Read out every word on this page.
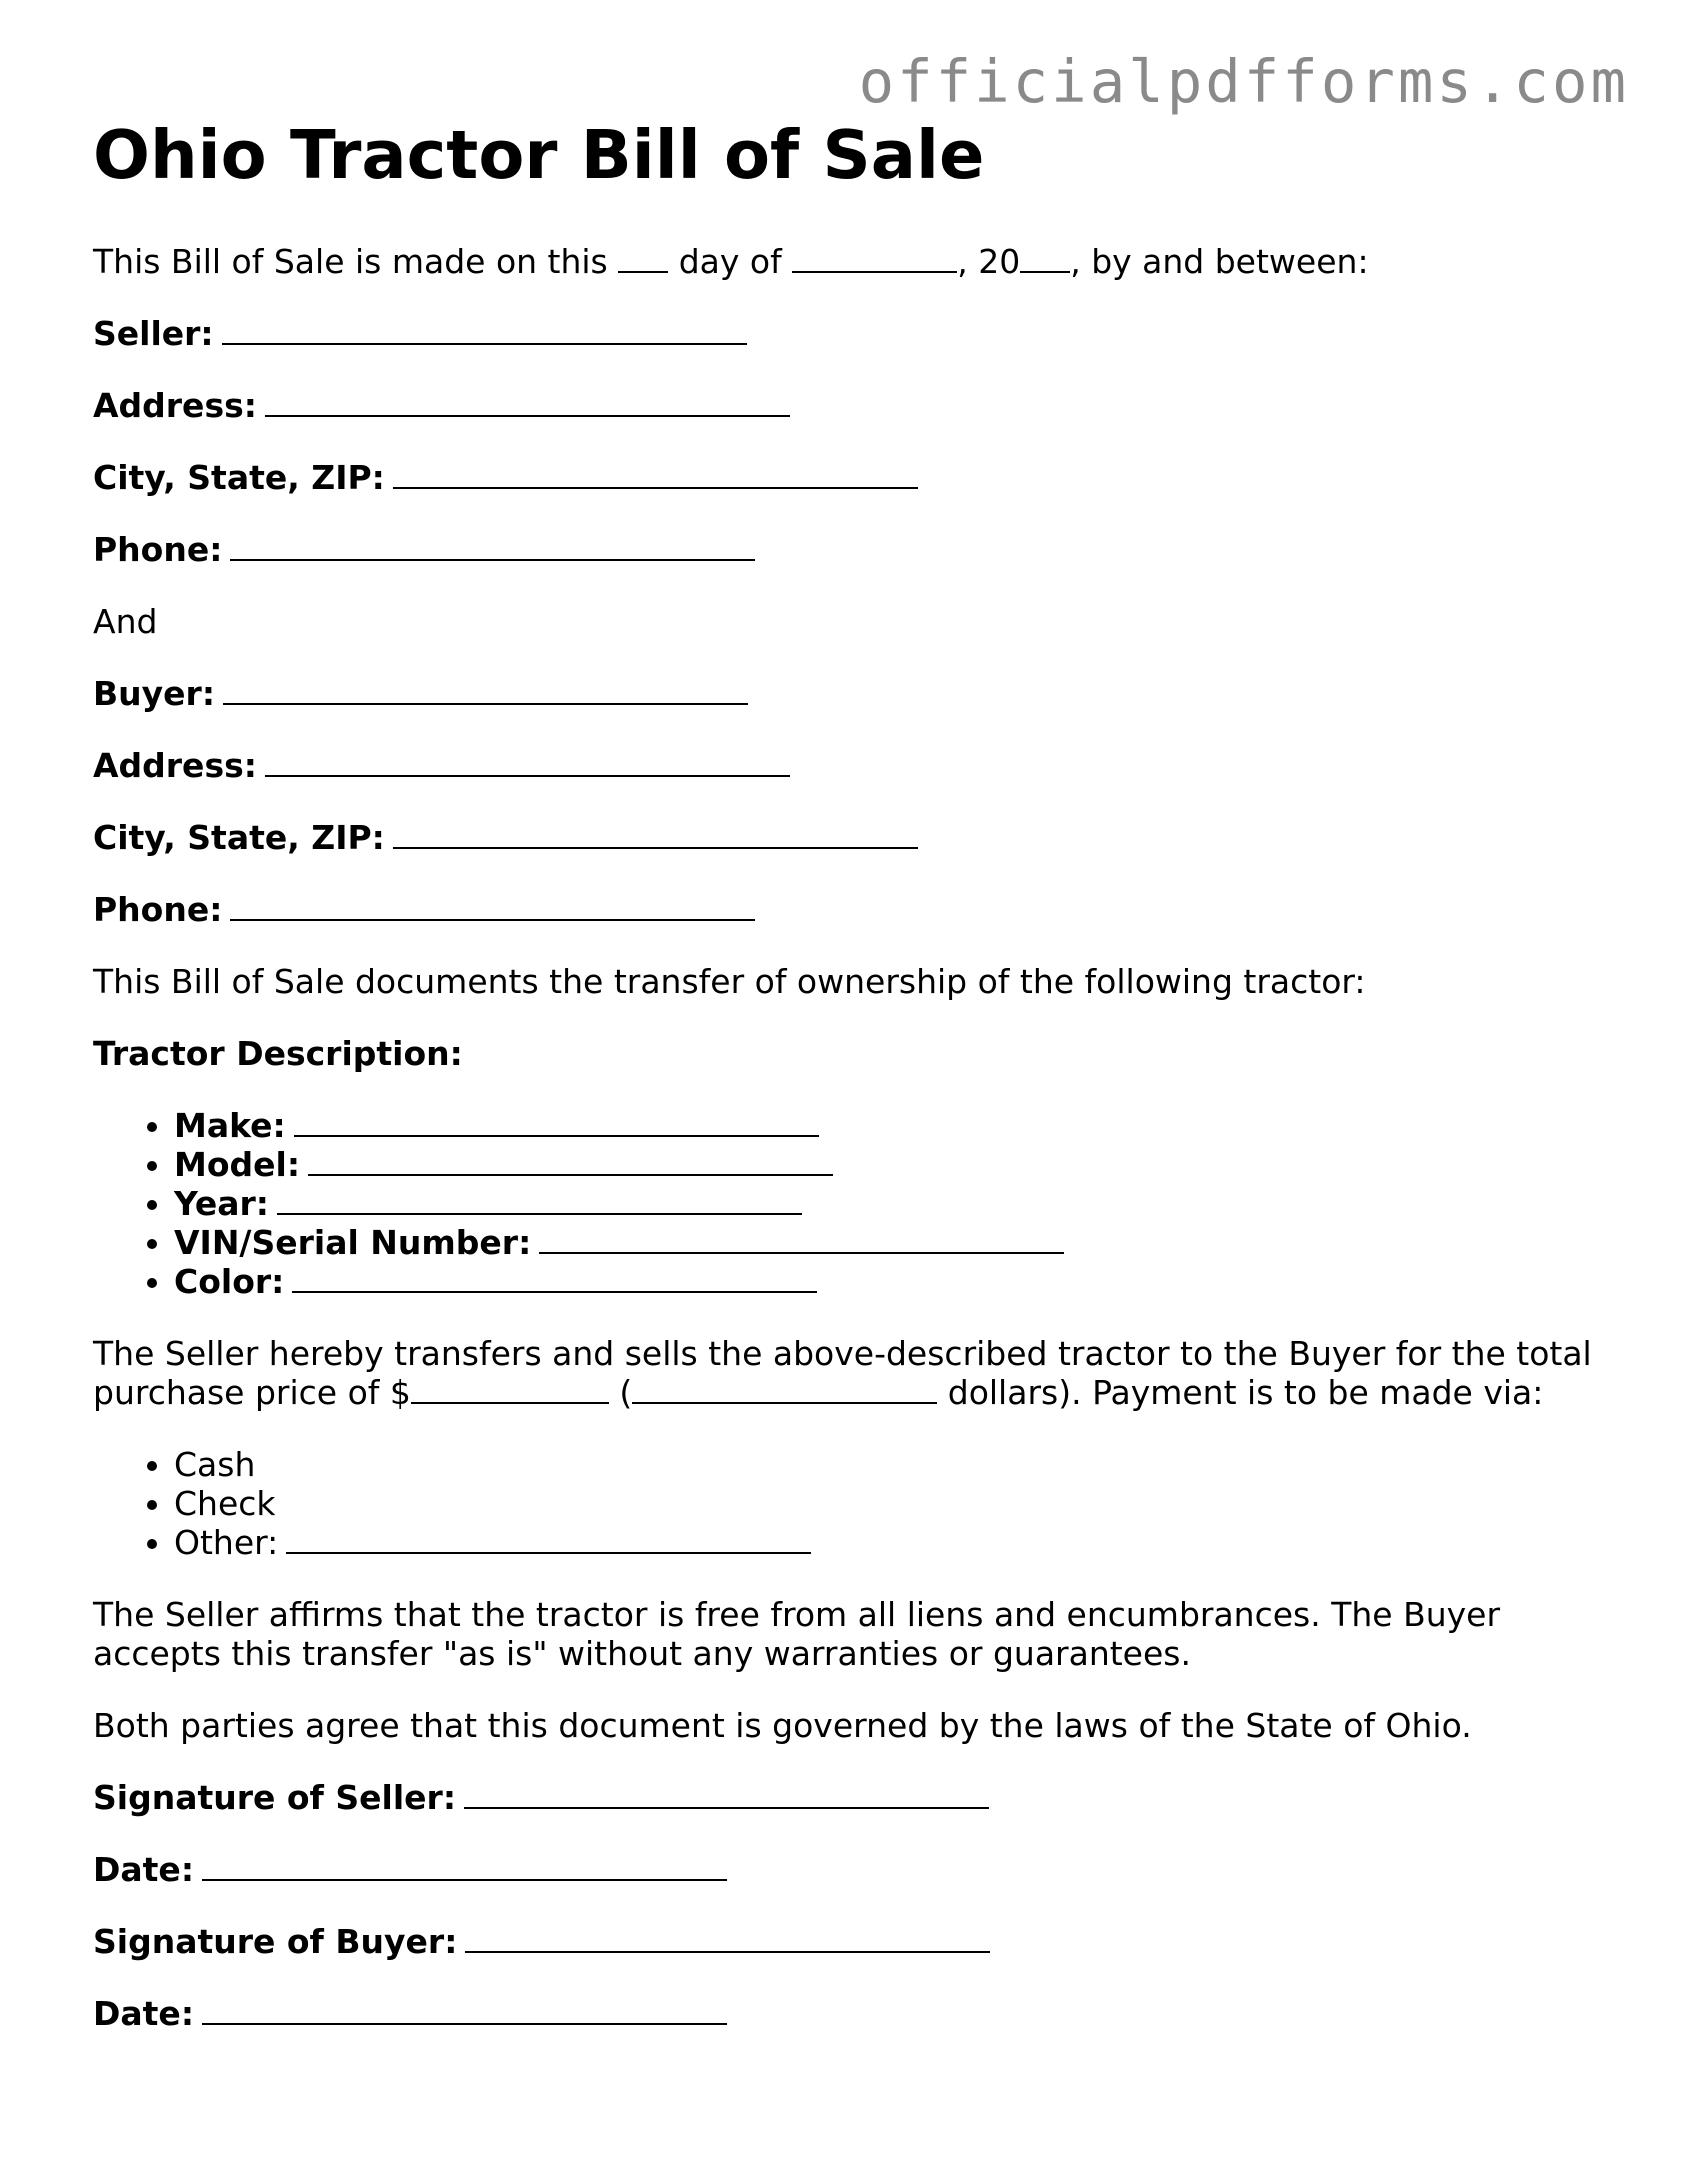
officialpdfforms.com
Ohio Tractor Bill of Sale
This Bill of Sale is made on this  day of	, 20 , by and between:
Seller:
Address:
City, State, ZIP:
Phone:
And
Buyer:
Address:
City, State, ZIP:
Phone:
This Bill of Sale documents the transfer of ownership of the following tractor:
Tractor Description:
• Make:
• Model:
• Year:
• VIN/Serial Number:
• Color:
The Seller hereby transfers and sells the above-described tractor to the Buyer for the total
purchase price of $	(	dollars). Payment is to be made via:
• Cash
• Check
• Other:
The Seller affirms that the tractor is free from all liens and encumbrances. The Buyer
accepts this transfer "as is" without any warranties or guarantees.
Both parties agree that this document is governed by the laws of the State of Ohio.
Signature of Seller:
Date:
Signature of Buyer:
Date:
